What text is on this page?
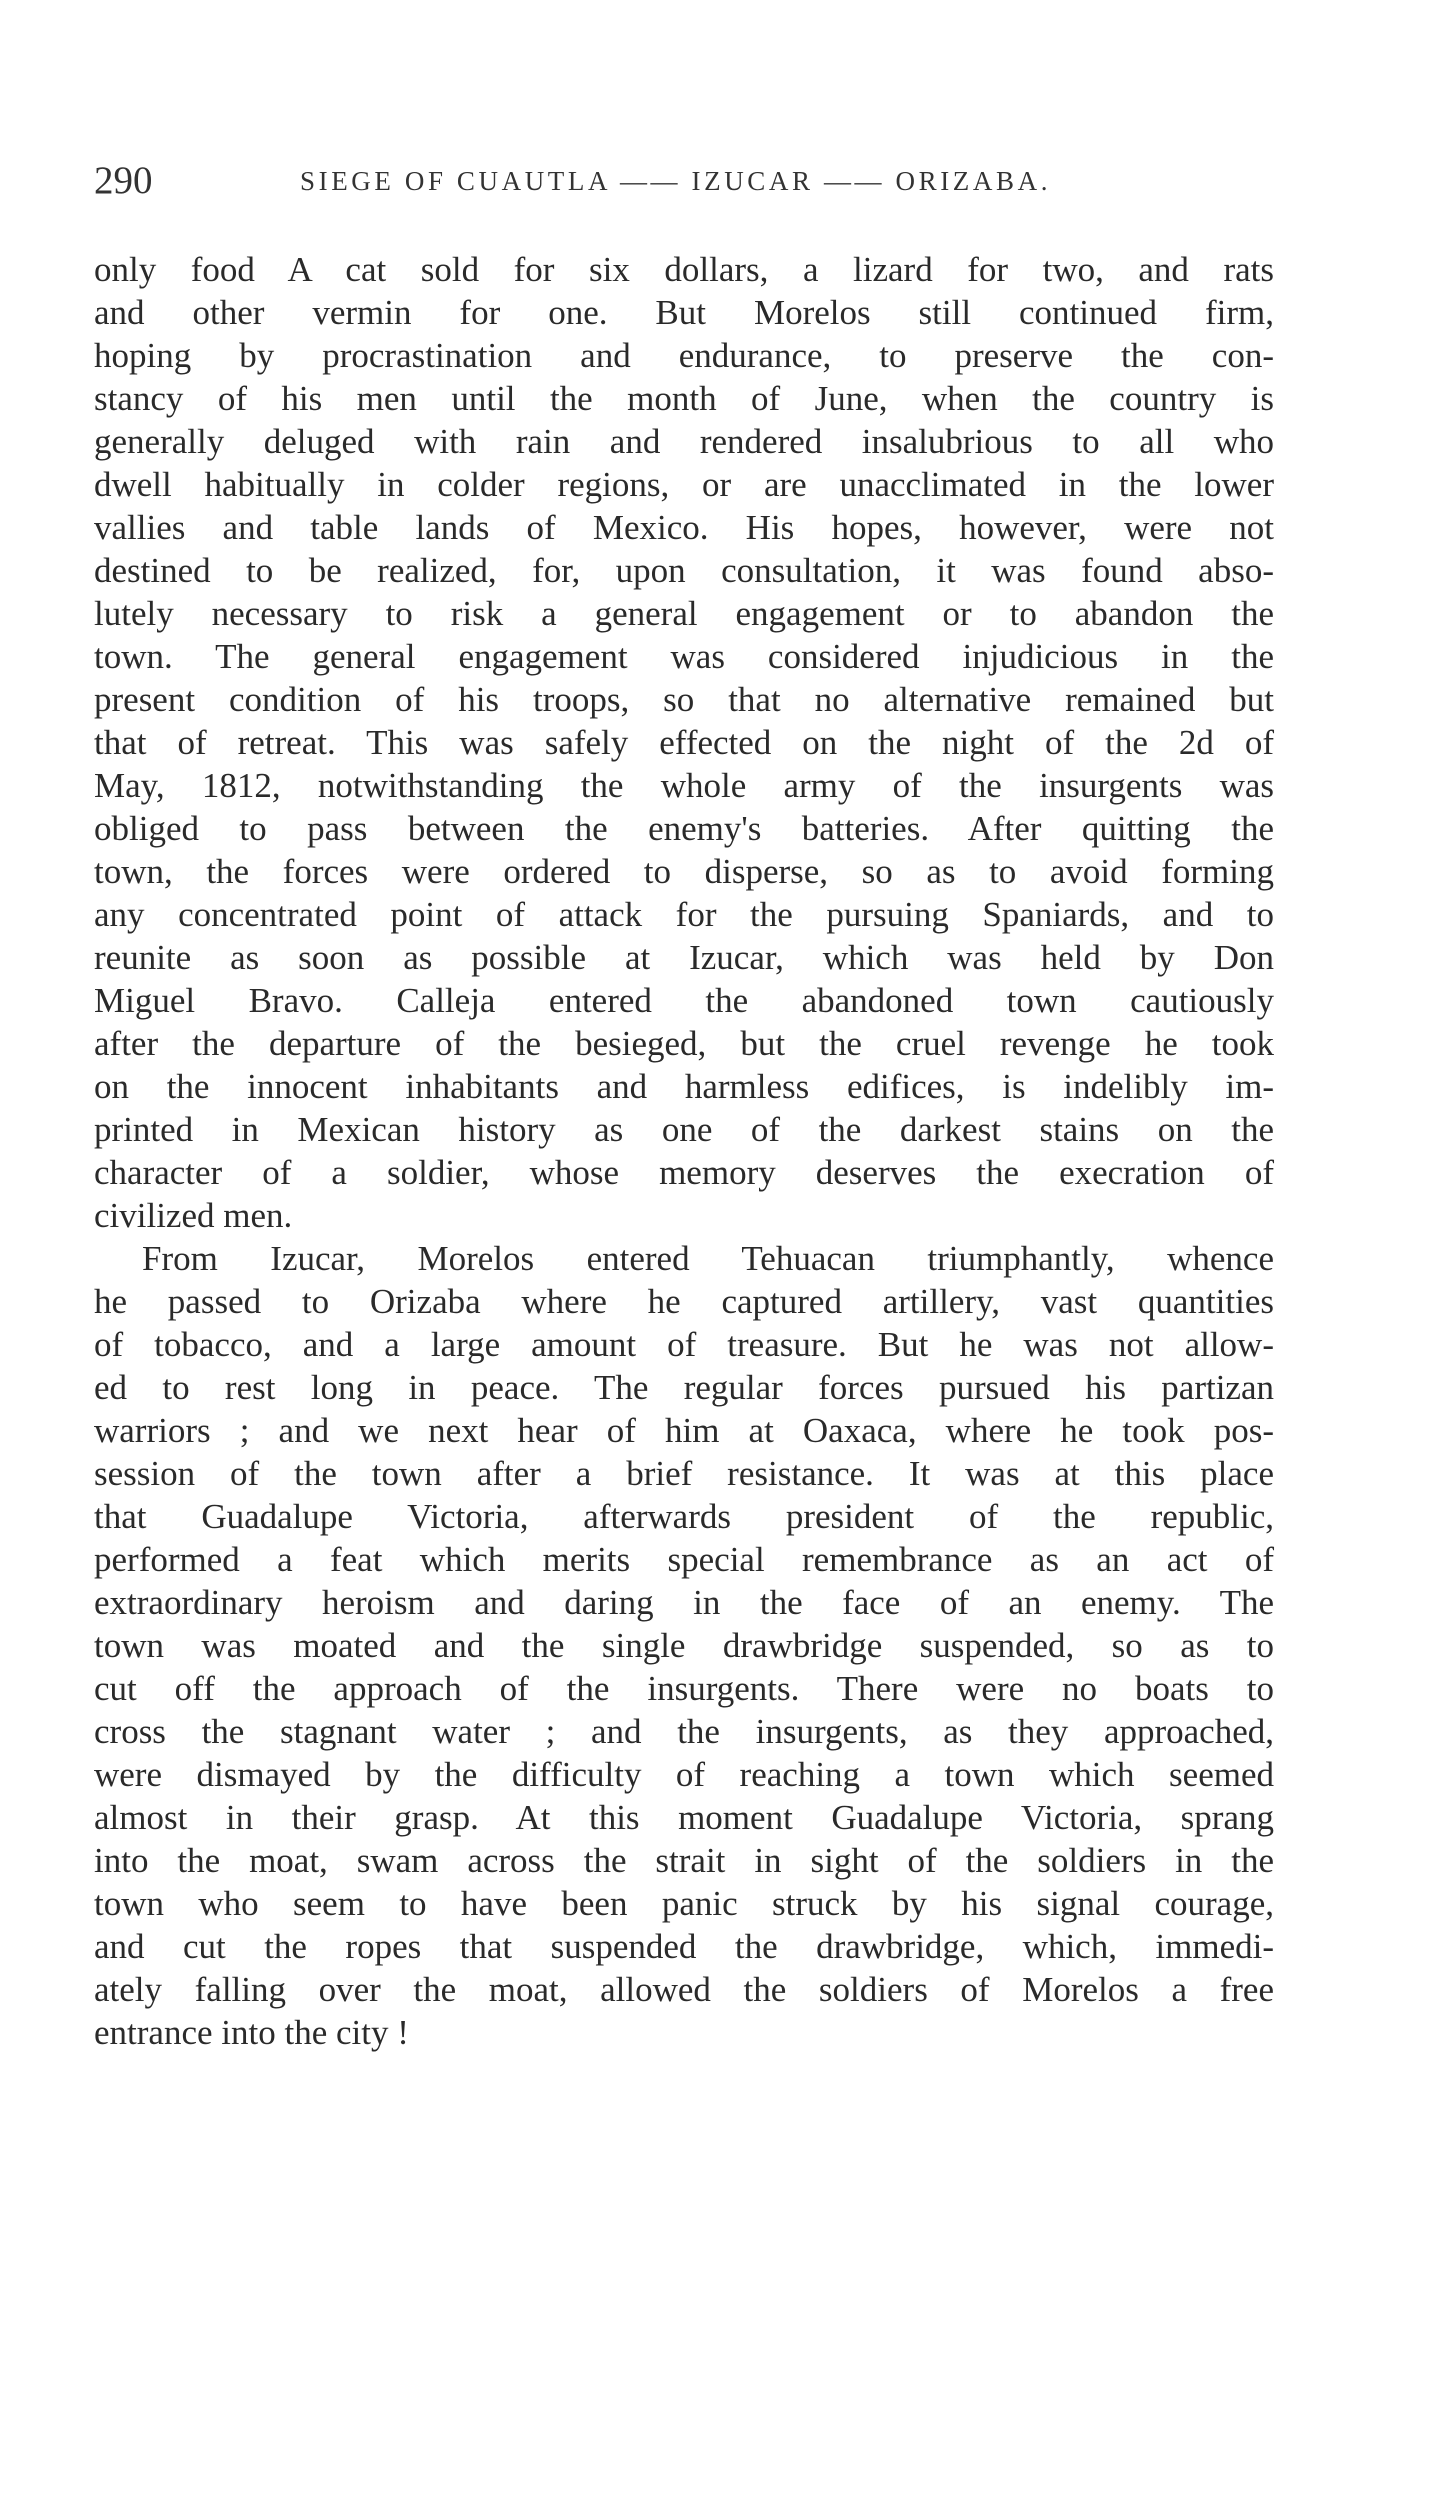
290	SIEGE OF CUAUTLA —— IZUCAR —— ORIZABA.
only food A cat sold for six dollars, a lizard for two, and rats
and other vermin for one. But Morelos still continued firm,
hoping by procrastination and endurance, to preserve the con-
stancy of his men until the month of June, when the country is
generally deluged with rain and rendered insalubrious to all who
dwell habitually in colder regions, or are unacclimated in the lower
vallies and table lands of Mexico. His hopes, however, were not
destined to be realized, for, upon consultation, it was found abso-
lutely necessary to risk a general engagement or to abandon the
town. The general engagement was considered injudicious in the
present condition of his troops, so that no alternative remained but
that of retreat. This was safely effected on the night of the 2d of
May, 1812, notwithstanding the whole army of the insurgents was
obliged to pass between the enemy's batteries. After quitting the
town, the forces were ordered to disperse, so as to avoid forming
any concentrated point of attack for the pursuing Spaniards, and to
reunite as soon as possible at Izucar, which was held by Don
Miguel Bravo. Calleja entered the abandoned town cautiously
after the departure of the besieged, but the cruel revenge he took
on the innocent inhabitants and harmless edifices, is indelibly im-
printed in Mexican history as one of the darkest stains on the
character of a soldier, whose memory deserves the execration of
civilized men.
From Izucar, Morelos entered Tehuacan triumphantly, whence
he passed to Orizaba where he captured artillery, vast quantities
of tobacco, and a large amount of treasure. But he was not allow-
ed to rest long in peace. The regular forces pursued his partizan
warriors ; and we next hear of him at Oaxaca, where he took pos-
session of the town after a brief resistance. It was at this place
that Guadalupe Victoria, afterwards president of the republic,
performed a feat which merits special remembrance as an act of
extraordinary heroism and daring in the face of an enemy. The
town was moated and the single drawbridge suspended, so as to
cut off the approach of the insurgents. There were no boats to
cross the stagnant water ; and the insurgents, as they approached,
were dismayed by the difficulty of reaching a town which seemed
almost in their grasp. At this moment Guadalupe Victoria, sprang
into the moat, swam across the strait in sight of the soldiers in the
town who seem to have been panic struck by his signal courage,
and cut the ropes that suspended the drawbridge, which, immedi-
ately falling over the moat, allowed the soldiers of Morelos a free
entrance into the city !
